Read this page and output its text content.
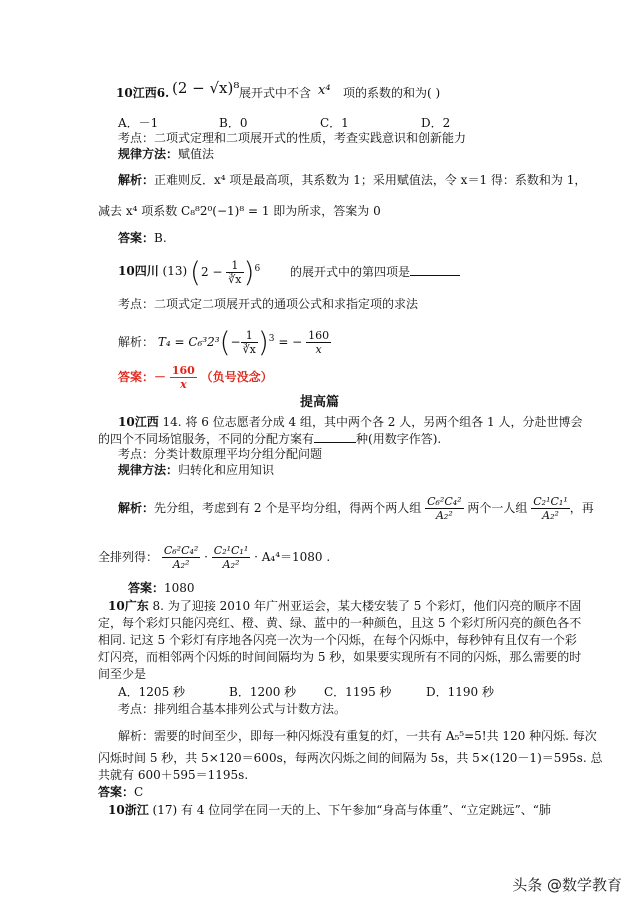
10江西6. (2 − √x)⁸ 展开式中不含 x⁴ 项的系数的和为( )
A．－1	B．0	C．1	D．2
考点：二项式定理和二项展开式的性质，考查实践意识和创新能力
规律方法：赋值法
解析：正难则反．x⁴ 项是最高项，其系数为 1；采用赋值法，令 x＝1 得：系数和为 1，
减去 x⁴ 项系数 C₈⁸2⁰(−1)⁸ = 1 即为所求，答案为 0
答案：B.
10四川 (13) $(2 - \frac{1}{∛x} )^6$ 的展开式中的第四项是
考点：二项式定二项展开式的通项公式和求指定项的求法
解析： $T_4 = C_6^32^3(- \frac{1}{∛x} )^3$ = − $\frac{160}{x}$
答案：－ $\frac{160}{x}$ （负号没念）
提高篇
10江西 14. 将 6 位志愿者分成 4 组，其中两个各 2 人，另两个组各 1 人，分赴世博会
的四个不同场馆服务，不同的分配方案有	种(用数字作答).
考点：分类计数原理平均分组分配问题
规律方法：归转化和应用知识
解析：先分组，考虑到有 2 个是平均分组，得两个两人组 $\frac{\text{C₆²C₄²}}{\text{A₂²}}$ 两个一人组 $\frac{\text{C₂¹C₁¹}}{\text{A₂²}}$ ，再
全排列得： $\frac{\text{C₆²C₄²}}{\text{A₂²}} \cdot \frac{\text{C₂¹C₁¹}}{\text{A₂²}} \cdot A_4^4=1080$ .
答案：1080
10广东 8. 为了迎接 2010 年广州亚运会，某大楼安装了 5 个彩灯，他们闪亮的顺序不固
定，每个彩灯只能闪亮红、橙、黄、绿、蓝中的一种颜色，且这 5 个彩灯所闪亮的颜色各不
相同. 记这 5 个彩灯有序地各闪亮一次为一个闪烁，在每个闪烁中，每秒钟有且仅有一个彩
灯闪亮，而相邻两个闪烁的时间间隔均为 5 秒，如果要实现所有不同的闪烁，那么需要的时
间至少是
A．1205 秒	B．1200 秒 C．1195 秒	D．1190 秒
考点：排列组合基本排列公式与计数方法。
解析：需要的时间至少，即每一种闪烁没有重复的灯，一共有 A₅⁵=5!共 120 种闪烁. 每次
闪烁时间 5 秒，共 5×120＝600s，每两次闪烁之间的间隔为 5s，共 5×(120－1)＝595s. 总
共就有 600＋595＝1195s.
答案：C
10浙江 (17) 有 4 位同学在同一天的上、下午参加“身高与体重”、“立定跳远”、“肺
头条 @数学教育
